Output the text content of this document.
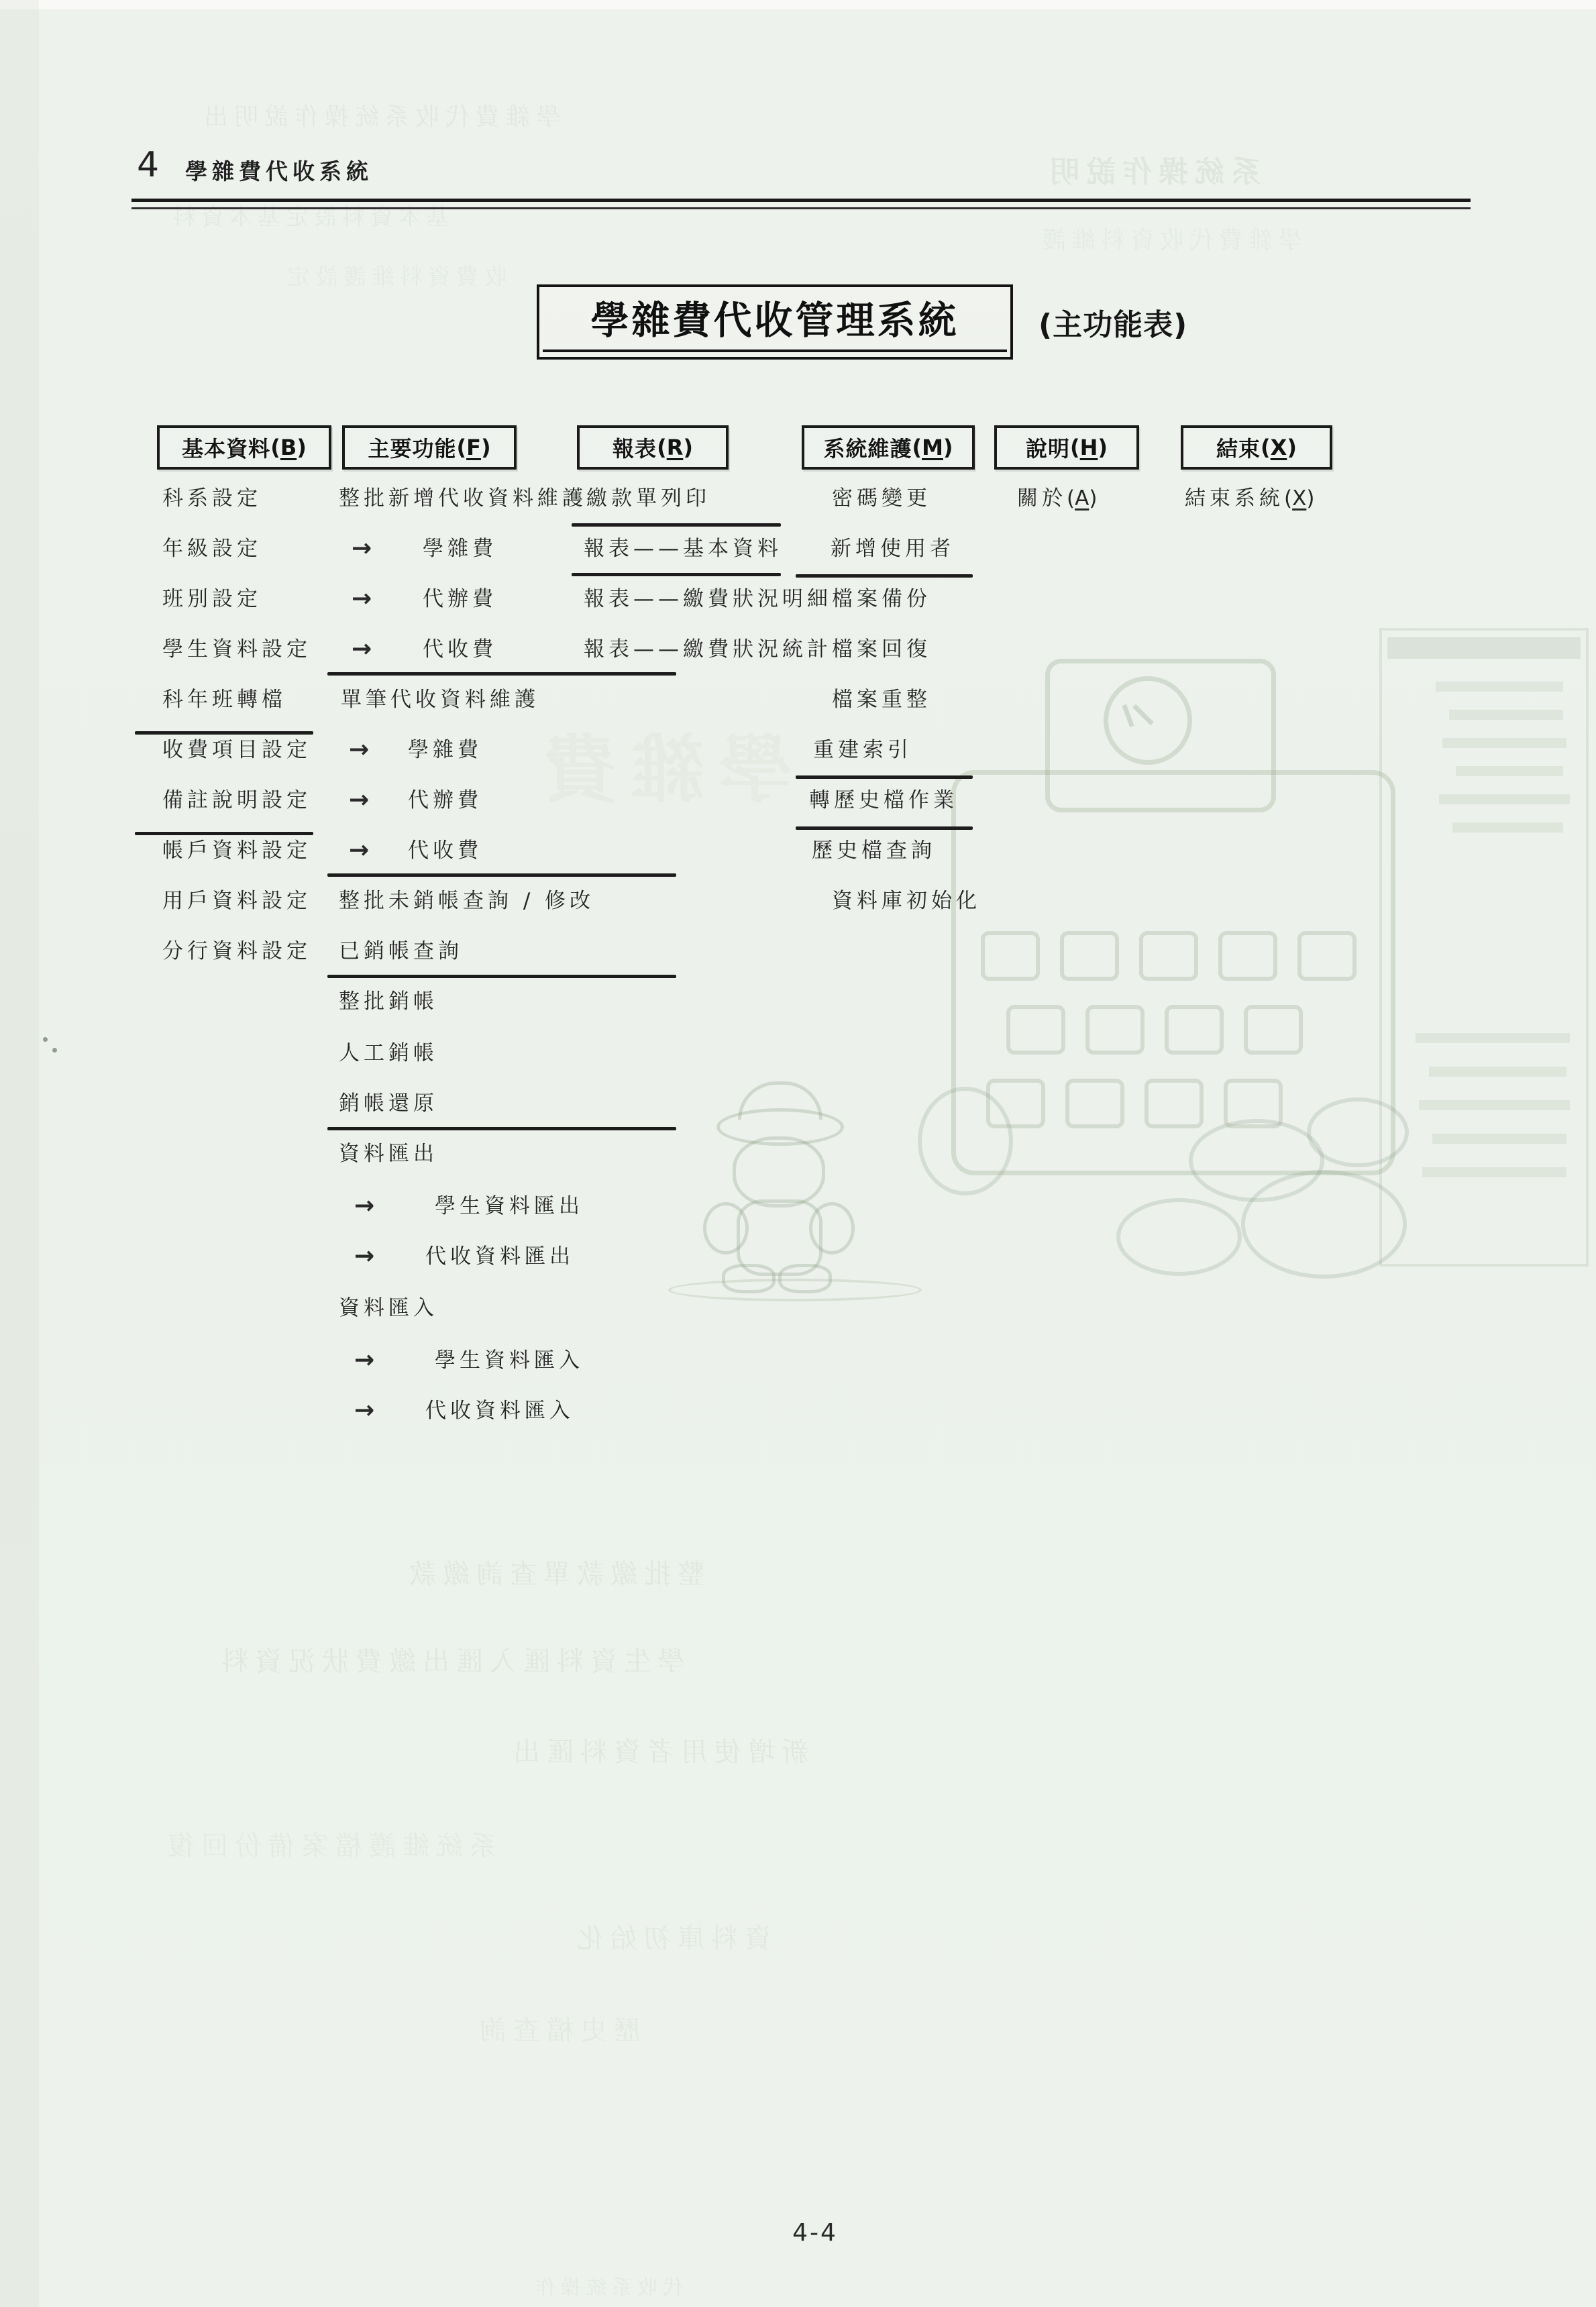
學雜費代收系統操作說明出
系統操作說明
基本資料設定基本資料
學雜費代收資料維護
收費資料維護設定
學雜費
整批繳款單查詢繳款
學生資料匯入匯出繳費狀況資料
新增使用者資料匯出
系統維護檔案備份回復
資料庫初始化
歷史檔查詢
代收系統操作
4 學雜費代收系統
學雜費代收管理系統	(主功能表)
基本資料 ( B )	主要功能 ( F )	報表 ( R )	系統維護 ( M )	說明 ( H )	結束 ( X )
科系設定
年級設定
班別設定
學生資料設定
科年班轉檔
收費項目設定
備註說明設定
帳戶資料設定
用戶資料設定
分行資料設定
整批新增代收資料維護
→ 學雜費
→ 代辦費
→ 代收費
單筆代收資料維護
→ 學雜費
→ 代辦費
→ 代收費
整批未銷帳查詢 / 修改
已銷帳查詢
整批銷帳
人工銷帳
銷帳還原
資料匯出
→	學生資料匯出
→ 代收資料匯出
資料匯入
→	學生資料匯入
→ 代收資料匯入
繳款單列印
報表——基本資料
報表——繳費狀況明細
報表——繳費狀況統計
密碼變更
新增使用者
檔案備份
檔案回復
檔案重整
重建索引
轉歷史檔作業
歷史檔查詢
資料庫初始化
關於(A)	結束系統(X)
4-4
